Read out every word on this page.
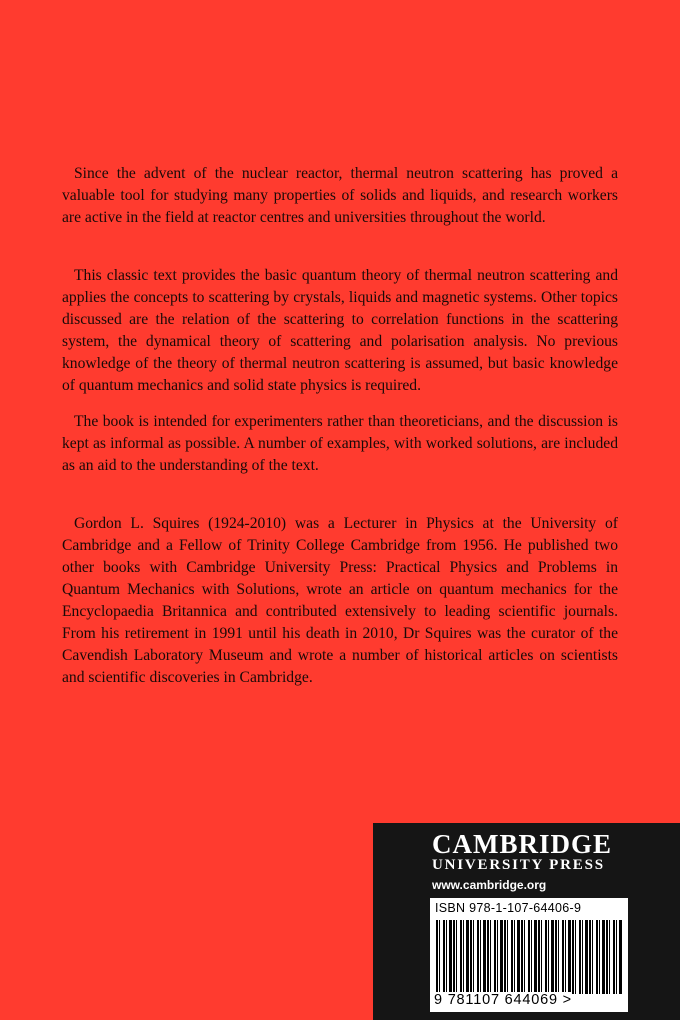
Since the advent of the nuclear reactor, thermal neutron scattering has proved a valuable tool for studying many properties of solids and liquids, and research workers are active in the field at reactor centres and universities throughout the world.

This classic text provides the basic quantum theory of thermal neutron scattering and applies the concepts to scattering by crystals, liquids and magnetic systems. Other topics discussed are the relation of the scattering to correlation functions in the scattering system, the dynamical theory of scattering and polarisation analysis. No previous knowledge of the theory of thermal neutron scattering is assumed, but basic knowledge of quantum mechanics and solid state physics is required.

The book is intended for experimenters rather than theoreticians, and the discussion is kept as informal as possible. A number of examples, with worked solutions, are included as an aid to the understanding of the text.

Gordon L. Squires (1924-2010) was a Lecturer in Physics at the University of Cambridge and a Fellow of Trinity College Cambridge from 1956. He published two other books with Cambridge University Press: Practical Physics and Problems in Quantum Mechanics with Solutions, wrote an article on quantum mechanics for the Encyclopaedia Britannica and contributed extensively to leading scientific journals. From his retirement in 1991 until his death in 2010, Dr Squires was the curator of the Cavendish Laboratory Museum and wrote a number of historical articles on scientists and scientific discoveries in Cambridge.

CAMBRIDGE

UNIVERSITY PRESS

www.cambridge.org

ISBN 978-1-107-64406-9

9 781107 644069 >
